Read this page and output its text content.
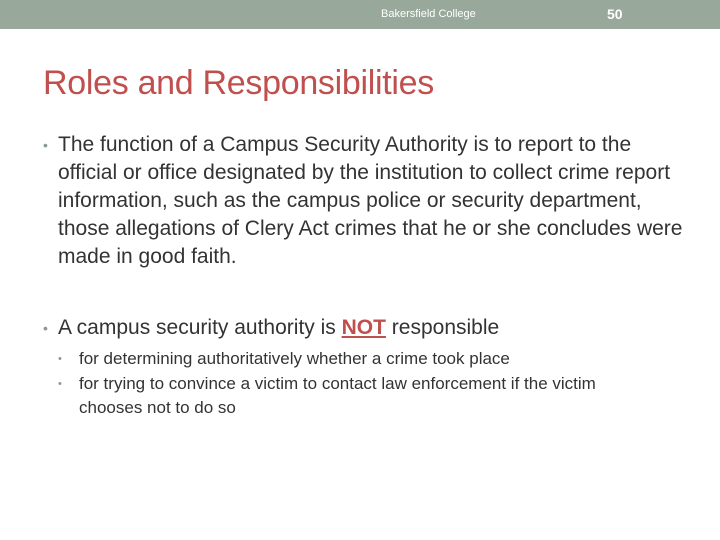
Bakersfield College	50
Roles and Responsibilities
• The function of a Campus Security Authority is to report to the official or office designated by the institution to collect crime report information, such as the campus police or security department, those allegations of Clery Act crimes that he or she concludes were made in good faith.
• A campus security authority is NOT responsible
•	for determining authoritatively whether a crime took place
•	for trying to convince a victim to contact law enforcement if the victim chooses not to do so
